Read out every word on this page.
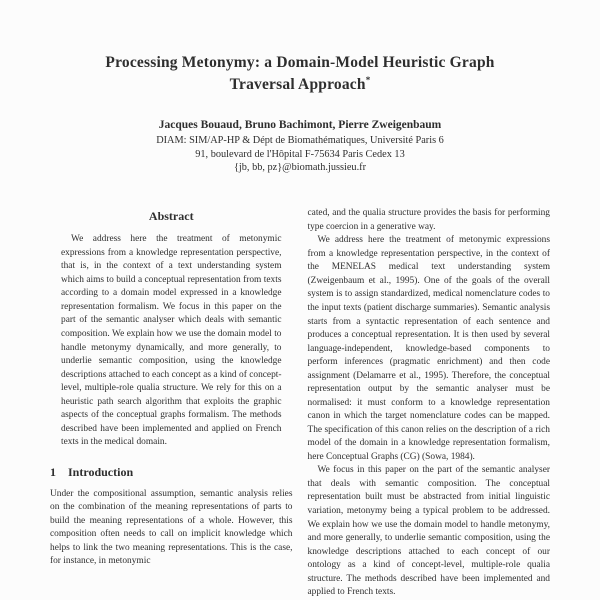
Processing Metonymy: a Domain-Model Heuristic Graph
Traversal Approach*
Jacques Bouaud, Bruno Bachimont, Pierre Zweigenbaum
DIAM: SIM/AP-HP & Dépt de Biomathématiques, Université Paris 6
91, boulevard de l'Hôpital F-75634 Paris Cedex 13
{jb, bb, pz}@biomath.jussieu.fr
Abstract

We address here the treatment of metonymic expressions from a knowledge representation perspective, that is, in the context of a text understanding system which aims to build a conceptual representation from texts according to a domain model expressed in a knowledge representation formalism. We focus in this paper on the part of the semantic analyser which deals with semantic composition. We explain how we use the domain model to handle metonymy dynamically, and more generally, to underlie semantic composition, using the knowledge descriptions attached to each concept as a kind of concept-level, multiple-role qualia structure. We rely for this on a heuristic path search algorithm that exploits the graphic aspects of the conceptual graphs formalism. The methods described have been implemented and applied on French texts in the medical domain.

1 Introduction

Under the compositional assumption, semantic analysis relies on the combination of the meaning representations of parts to build the meaning representations of a whole. However, this composition often needs to call on implicit knowledge which helps to link the two meaning representations. This is the case, for instance, in metonymic

cated, and the qualia structure provides the basis for performing type coercion in a generative way.

We address here the treatment of metonymic expressions from a knowledge representation perspective, in the context of the MENELAS medical text understanding system (Zweigenbaum et al., 1995). One of the goals of the overall system is to assign standardized, medical nomenclature codes to the input texts (patient discharge summaries). Semantic analysis starts from a syntactic representation of each sentence and produces a conceptual representation. It is then used by several language-independent, knowledge-based components to perform inferences (pragmatic enrichment) and then code assignment (Delamarre et al., 1995). Therefore, the conceptual representation output by the semantic analyser must be normalised: it must conform to a knowledge representation canon in which the target nomenclature codes can be mapped. The specification of this canon relies on the description of a rich model of the domain in a knowledge representation formalism, here Conceptual Graphs (CG) (Sowa, 1984).

We focus in this paper on the part of the semantic analyser that deals with semantic composition. The conceptual representation built must be abstracted from initial linguistic variation, metonymy being a typical problem to be addressed. We explain how we use the domain model to handle metonymy, and more generally, to underlie semantic composition, using the knowledge descriptions attached to each concept of our ontology as a kind of concept-level, multiple-role qualia structure. The methods described have been implemented and applied to French texts.
